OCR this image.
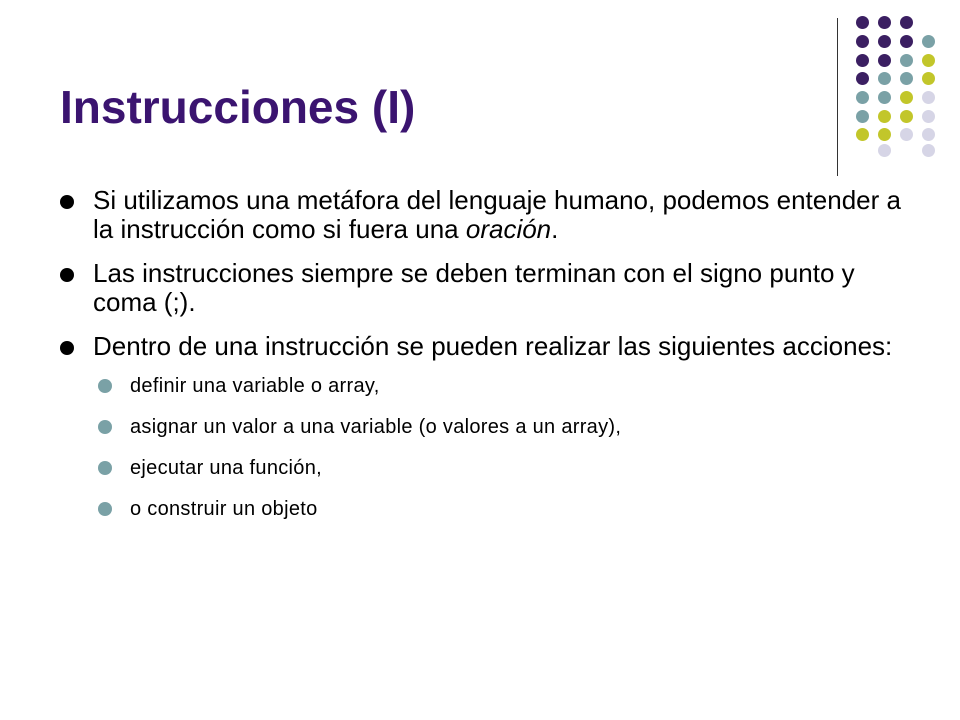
Instrucciones (I)
Si utilizamos una metáfora del lenguaje humano, podemos entender a la instrucción como si fuera una oración.
Las instrucciones siempre se deben terminan con el signo punto y coma (;).
Dentro de una instrucción se pueden realizar las siguientes acciones:
definir una variable o array,
asignar un valor a una variable (o valores a un array),
ejecutar una función,
o construir un objeto
